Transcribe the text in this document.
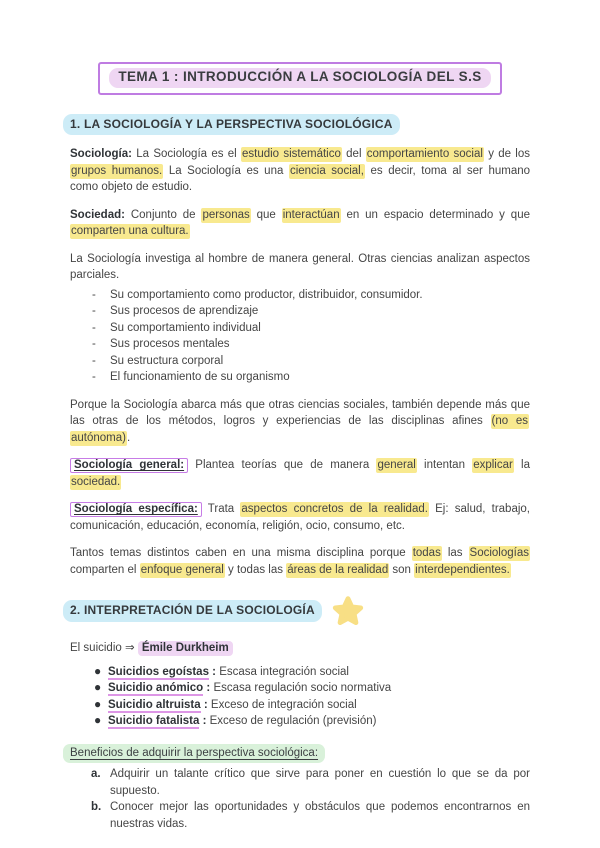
TEMA 1 : INTRODUCCIÓN A LA SOCIOLOGÍA DEL S.S
1. LA SOCIOLOGÍA Y LA PERSPECTIVA SOCIOLÓGICA

Sociología: La Sociología es el estudio sistemático del comportamiento social y de los grupos humanos. La Sociología es una ciencia social, es decir, toma al ser humano como objeto de estudio.

Sociedad: Conjunto de personas que interactúan en un espacio determinado y que comparten una cultura.

La Sociología investiga al hombre de manera general. Otras ciencias analizan aspectos parciales.

- Su comportamiento como productor, distribuidor, consumidor.
- Sus procesos de aprendizaje
- Su comportamiento individual
- Sus procesos mentales
- Su estructura corporal
- El funcionamiento de su organismo

Porque la Sociología abarca más que otras ciencias sociales, también depende más que las otras de los métodos, logros y experiencias de las disciplinas afines (no es autónoma).

Sociología general: Plantea teorías que de manera general intentan explicar la sociedad.

Sociología específica: Trata aspectos concretos de la realidad. Ej: salud, trabajo, comunicación, educación, economía, religión, ocio, consumo, etc.

Tantos temas distintos caben en una misma disciplina porque todas las Sociologías comparten el enfoque general y todas las áreas de la realidad son interdependientes.

2. INTERPRETACIÓN DE LA SOCIOLOGÍA

El suicidio ⇒ Émile Durkheim

● Suicidios egoístas : Escasa integración social
● Suicidio anómico : Escasa regulación socio normativa
● Suicidio altruista : Exceso de integración social
● Suicidio fatalista : Exceso de regulación (previsión)
Beneficios de adquirir la perspectiva sociológica:
a. Adquirir un talante crítico que sirve para poner en cuestión lo que se da por supuesto.
b. Conocer mejor las oportunidades y obstáculos que podemos encontrarnos en nuestras vidas.
